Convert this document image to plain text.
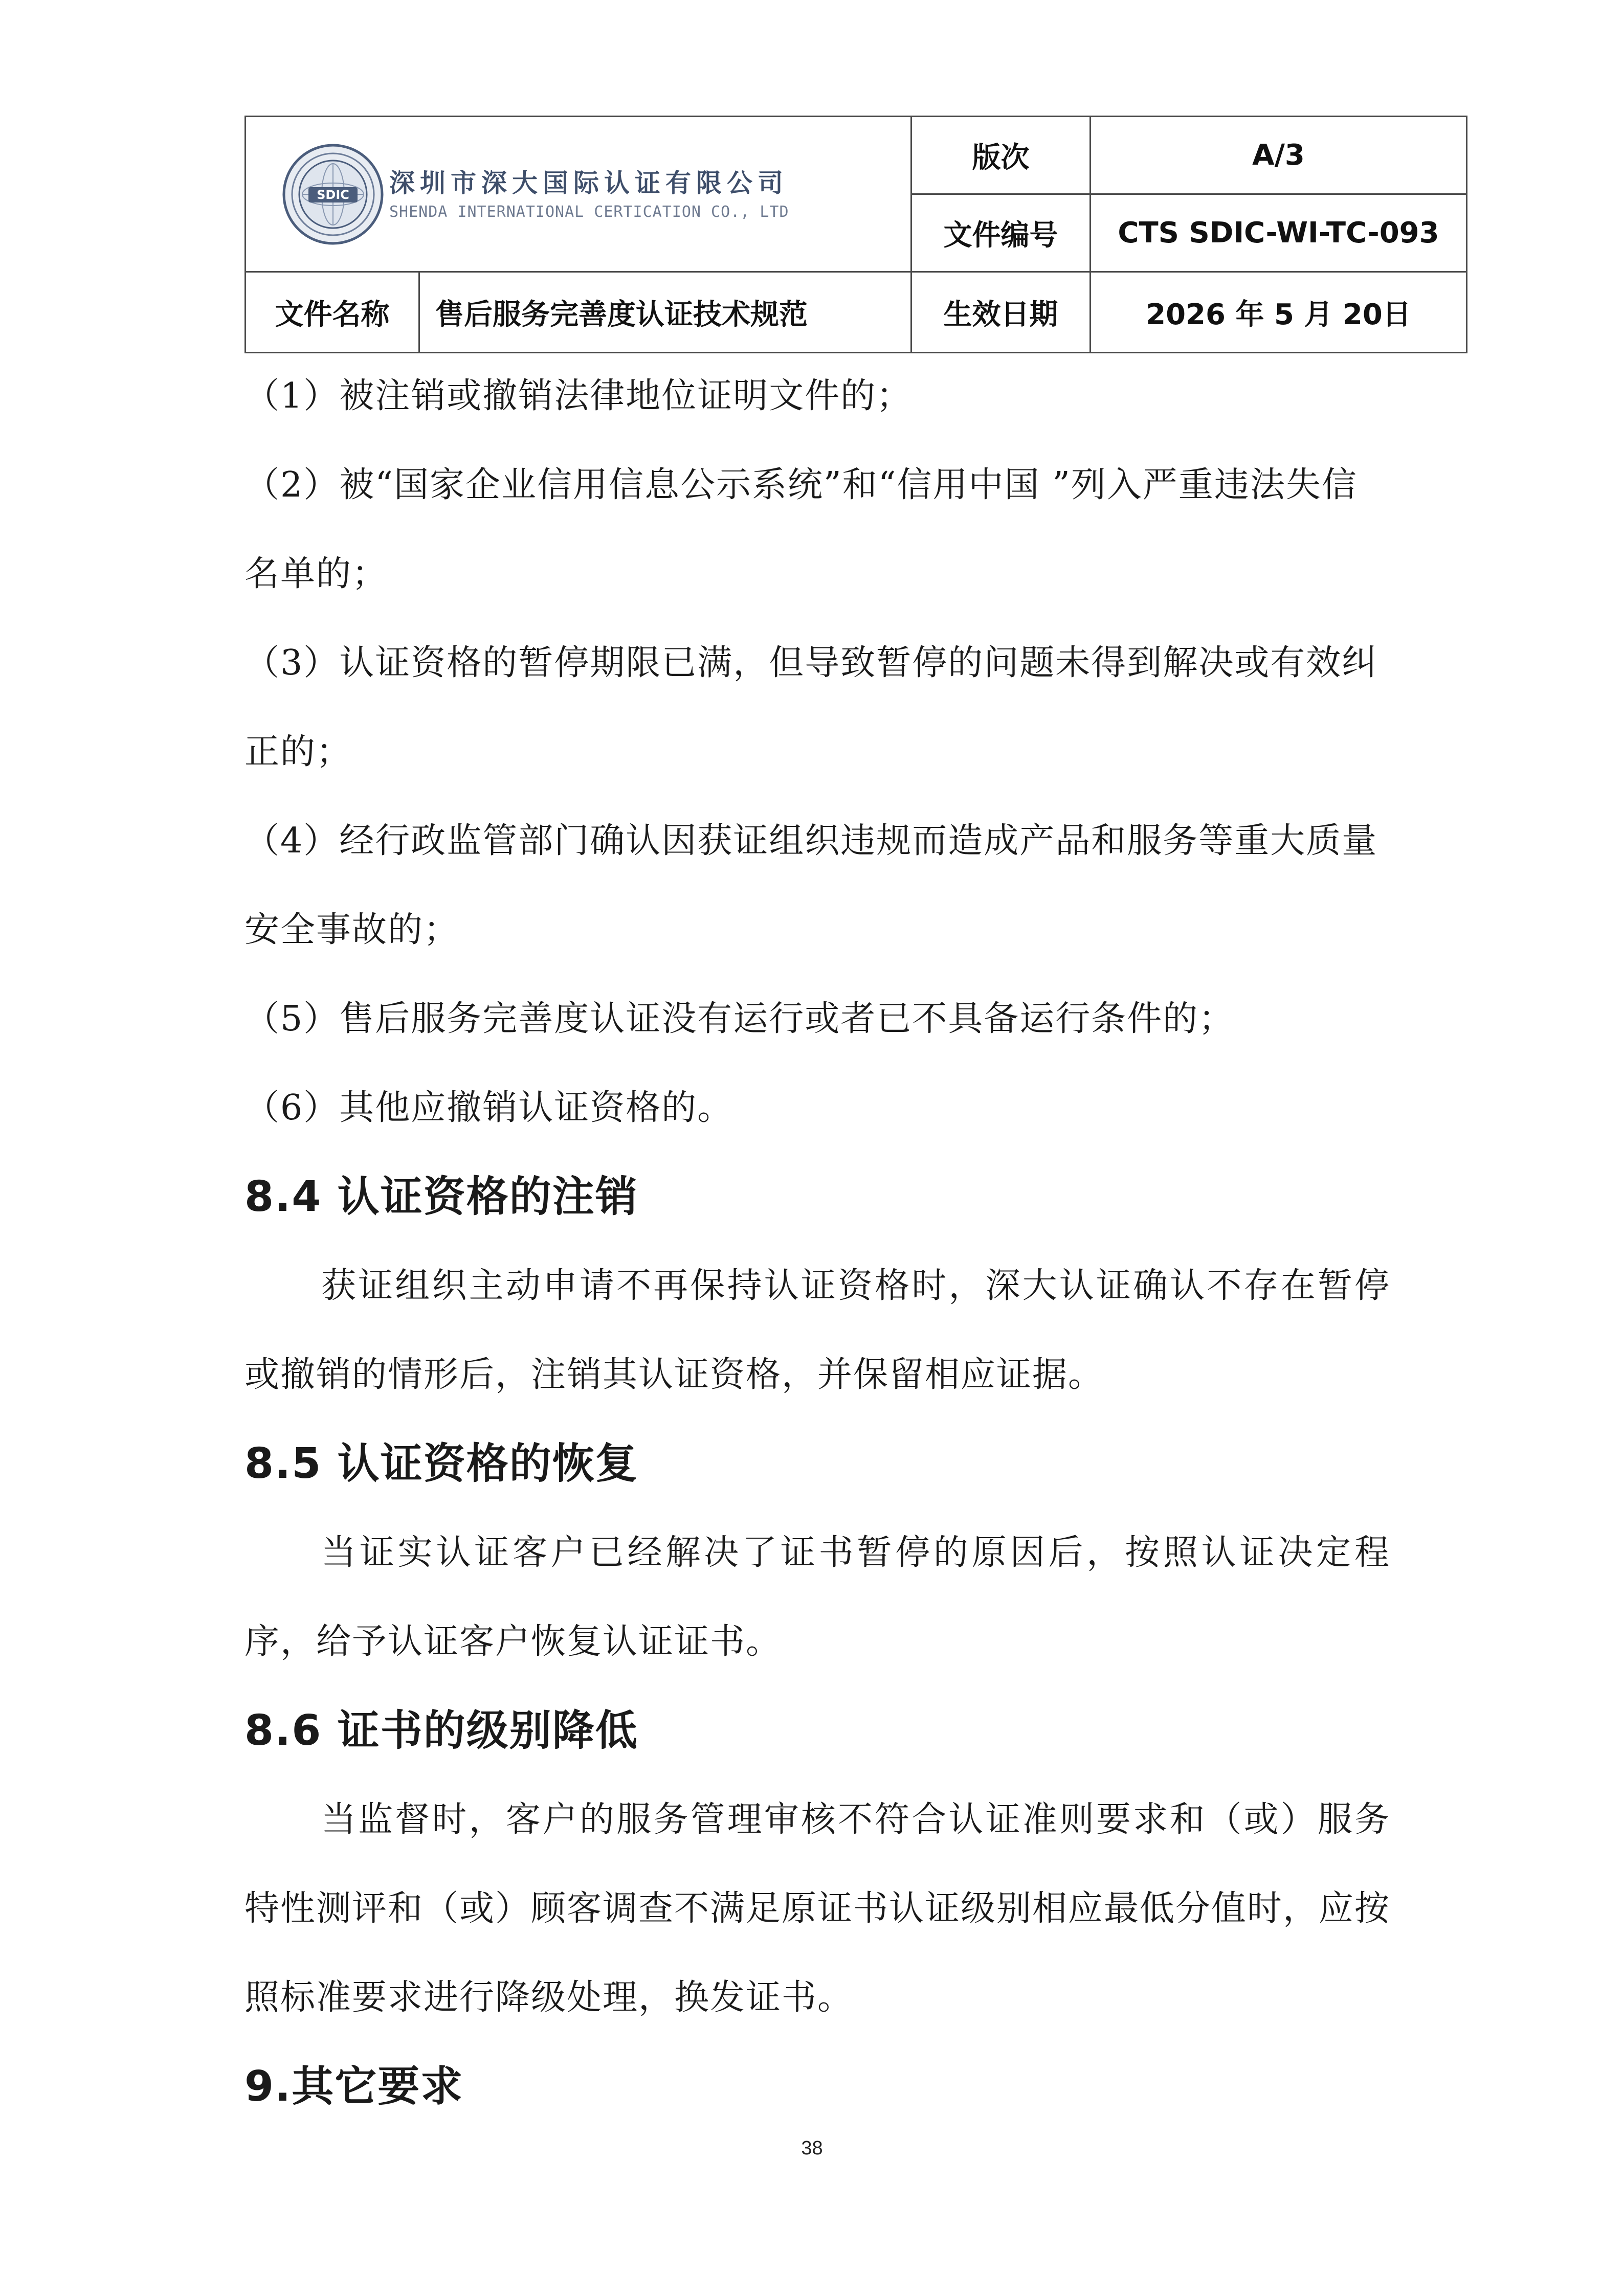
SDIC 深圳市深大国际认证有限公司
SHENDA INTERNATIONAL CERTICATION CO., LTD		版次	A/3
		文件编号	CTS SDIC-WI-TC-093
文件名称	售后服务完善度认证技术规范	生效日期	2026 年 5 月 20日

（1）被注销或撤销法律地位证明文件的；

（2）被“国家企业信用信息公示系统”和“信用中国 ”列入严重违法失信名单的；

（3）认证资格的暂停期限已满，但导致暂停的问题未得到解决或有效纠正的；

（4）经行政监管部门确认因获证组织违规而造成产品和服务等重大质量安全事故的；

（5）售后服务完善度认证没有运行或者已不具备运行条件的；

（6）其他应撤销认证资格的。

8.4 认证资格的注销

获证组织主动申请不再保持认证资格时，深大认证确认不存在暂停或撤销的情形后，注销其认证资格，并保留相应证据。

8.5 认证资格的恢复

当证实认证客户已经解决了证书暂停的原因后，按照认证决定程序，给予认证客户恢复认证证书。

8.6 证书的级别降低

当监督时，客户的服务管理审核不符合认证准则要求和（或）服务特性测评和（或）顾客调查不满足原证书认证级别相应最低分值时，应按照标准要求进行降级处理，换发证书。

9.其它要求
38
